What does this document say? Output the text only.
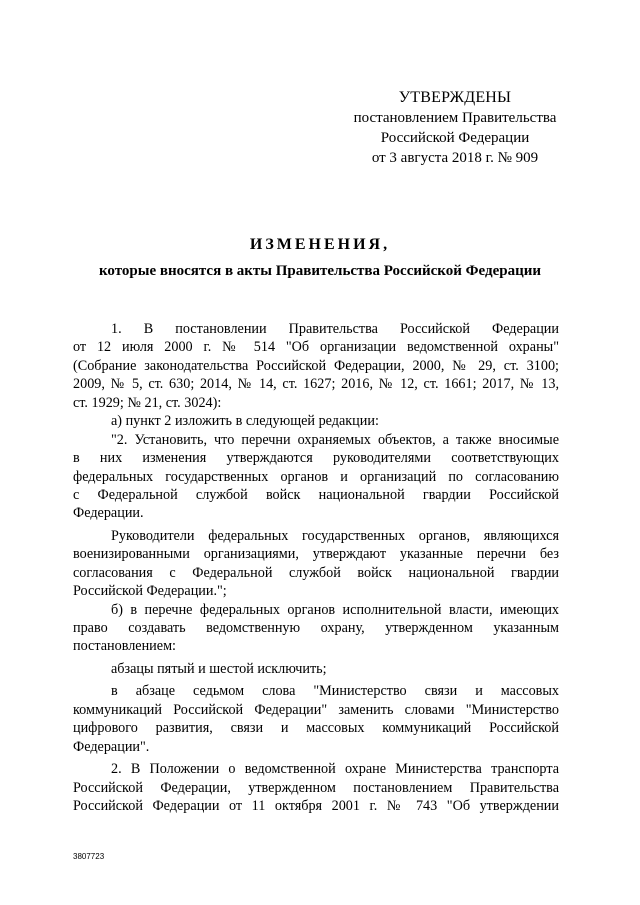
УТВЕРЖДЕНЫ
постановлением Правительства
Российской Федерации
от 3 августа 2018 г. № 909
ИЗМЕНЕНИЯ,
которые вносятся в акты Правительства Российской Федерации
1. В постановлении Правительства Российской Федерации
от 12 июля 2000 г. № 514 "Об организации ведомственной охраны"
(Собрание законодательства Российской Федерации, 2000, № 29, ст. 3100;
2009, № 5, ст. 630; 2014, № 14, ст. 1627; 2016, № 12, ст. 1661; 2017, № 13,
ст. 1929; № 21, ст. 3024):
а) пункт 2 изложить в следующей редакции:
"2. Установить, что перечни охраняемых объектов, а также вносимые
в них изменения утверждаются руководителями соответствующих
федеральных государственных органов и организаций по согласованию
с Федеральной службой войск национальной гвардии Российской
Федерации.
Руководители федеральных государственных органов, являющихся
военизированными организациями, утверждают указанные перечни без
согласования с Федеральной службой войск национальной гвардии
Российской Федерации.";
б) в перечне федеральных органов исполнительной власти, имеющих
право создавать ведомственную охрану, утвержденном указанным
постановлением:
абзацы пятый и шестой исключить;
в абзаце седьмом слова "Министерство связи и массовых
коммуникаций Российской Федерации" заменить словами "Министерство
цифрового развития, связи и массовых коммуникаций Российской
Федерации".
2. В Положении о ведомственной охране Министерства транспорта
Российской Федерации, утвержденном постановлением Правительства
Российской Федерации от 11 октября 2001 г. № 743 "Об утверждении
3807723
